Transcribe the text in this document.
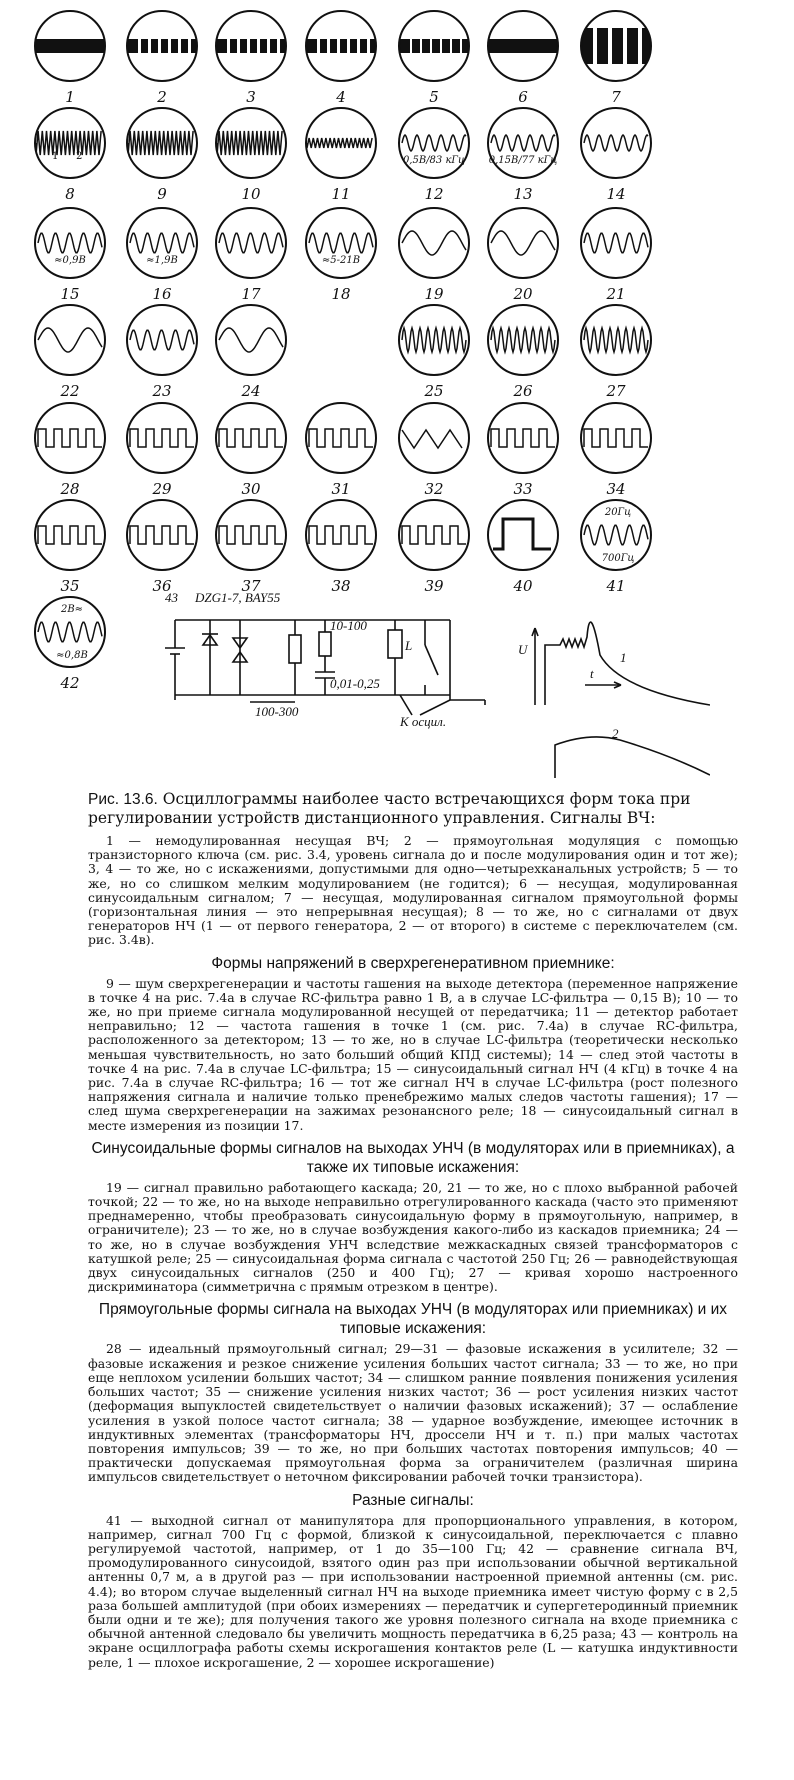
1	2	3	4	5	6	7
1 2
8	9	10	11
0,5В/83 кГц
12
0,15В/77 кГц
13	14
≈0,9В
15
≈1,9В
16	17
≈5-21В
18	19	20	21
22	23	24	25	26	27
28	29	30	31	32	33	34
35	36	37	38	39	40
20Гц
700Гц
41
2В≈
≈0,8В
42
43 DZG1-7, BAY55
10-100
0,01-0,25
100-300
L
К осцил.
U
t
1
2

Рис. 13.6. Осциллограммы наиболее часто встречающихся форм тока при регулировании устройств дистанционного управления. Сигналы ВЧ:

1 — немодулированная несущая ВЧ; 2 — прямоугольная модуляция с помощью транзисторного ключа (см. рис. 3.4, уровень сигнала до и после модулирования один и тот же); 3, 4 — то же, но с искажениями, допустимыми для одно—четырехканальных устройств; 5 — то же, но со слишком мелким модулированием (не годится); 6 — несущая, модулированная синусоидальным сигналом; 7 — несущая, модулированная сигналом прямоугольной формы (горизонтальная линия — это непрерывная несущая); 8 — то же, но с сигналами от двух генераторов НЧ (1 — от первого генератора, 2 — от второго) в системе с переключателем (см. рис. 3.4в).

Формы напряжений в сверхрегенеративном приемнике:

9 — шум сверхрегенерации и частоты гашения на выходе детектора (переменное напряжение в точке 4 на рис. 7.4а в случае RC-фильтра равно 1 В, а в случае LC-фильтра — 0,15 В); 10 — то же, но при приеме сигнала модулированной несущей от передатчика; 11 — детектор работает неправильно; 12 — частота гашения в точке 1 (см. рис. 7.4а) в случае RC-фильтра, расположенного за детектором; 13 — то же, но в случае LC-фильтра (теоретически несколько меньшая чувствительность, но зато больший общий КПД системы); 14 — след этой частоты в точке 4 на рис. 7.4а в случае LC-фильтра; 15 — синусоидальный сигнал НЧ (4 кГц) в точке 4 на рис. 7.4а в случае RC-фильтра; 16 — тот же сигнал НЧ в случае LC-фильтра (рост полезного напряжения сигнала и наличие только пренебрежимо малых следов частоты гашения); 17 — след шума сверхрегенерации на зажимах резонансного реле; 18 — синусоидальный сигнал в месте измерения из позиции 17.

Синусоидальные формы сигналов на выходах УНЧ (в модуляторах или в приемниках), а также их типовые искажения:

19 — сигнал правильно работающего каскада; 20, 21 — то же, но с плохо выбранной рабочей точкой; 22 — то же, но на выходе неправильно отрегулированного каскада (часто это применяют преднамеренно, чтобы преобразовать синусоидальную форму в прямоугольную, например, в ограничителе); 23 — то же, но в случае возбуждения какого-либо из каскадов приемника; 24 — то же, но в случае возбуждения УНЧ вследствие межкаскадных связей трансформаторов с катушкой реле; 25 — синусоидальная форма сигнала с частотой 250 Гц; 26 — равнодействующая двух синусоидальных сигналов (250 и 400 Гц); 27 — кривая хорошо настроенного дискриминатора (симметрична с прямым отрезком в центре).

Прямоугольные формы сигнала на выходах УНЧ (в модуляторах или приемниках) и их типовые искажения:

28 — идеальный прямоугольный сигнал; 29—31 — фазовые искажения в усилителе; 32 — фазовые искажения и резкое снижение усиления больших частот сигнала; 33 — то же, но при еще неплохом усилении больших частот; 34 — слишком ранние появления понижения усиления больших частот; 35 — снижение усиления низких частот; 36 — рост усиления низких частот (деформация выпуклостей свидетельствует о наличии фазовых искажений); 37 — ослабление усиления в узкой полосе частот сигнала; 38 — ударное возбуждение, имеющее источник в индуктивных элементах (трансформаторы НЧ, дроссели НЧ и т. п.) при малых частотах повторения импульсов; 39 — то же, но при больших частотах повторения импульсов; 40 — практически допускаемая прямоугольная форма за ограничителем (различная ширина импульсов свидетельствует о неточном фиксировании рабочей точки транзистора).

Разные сигналы:

41 — выходной сигнал от манипулятора для пропорционального управления, в котором, например, сигнал 700 Гц с формой, близкой к синусоидальной, переключается с плавно регулируемой частотой, например, от 1 до 35—100 Гц; 42 — сравнение сигнала ВЧ, промодулированного синусоидой, взятого один раз при использовании обычной вертикальной антенны 0,7 м, а в другой раз — при использовании настроенной приемной антенны (см. рис. 4.4); во втором случае выделенный сигнал НЧ на выходе приемника имеет чистую форму с в 2,5 раза большей амплитудой (при обоих измерениях — передатчик и супергетеродинный приемник были одни и те же); для получения такого же уровня полезного сигнала на входе приемника с обычной антенной следовало бы увеличить мощность передатчика в 6,25 раза; 43 — контроль на экране осциллографа работы схемы искрогашения контактов реле (L — катушка индуктивности реле, 1 — плохое искрогашение, 2 — хорошее искрогашение)
